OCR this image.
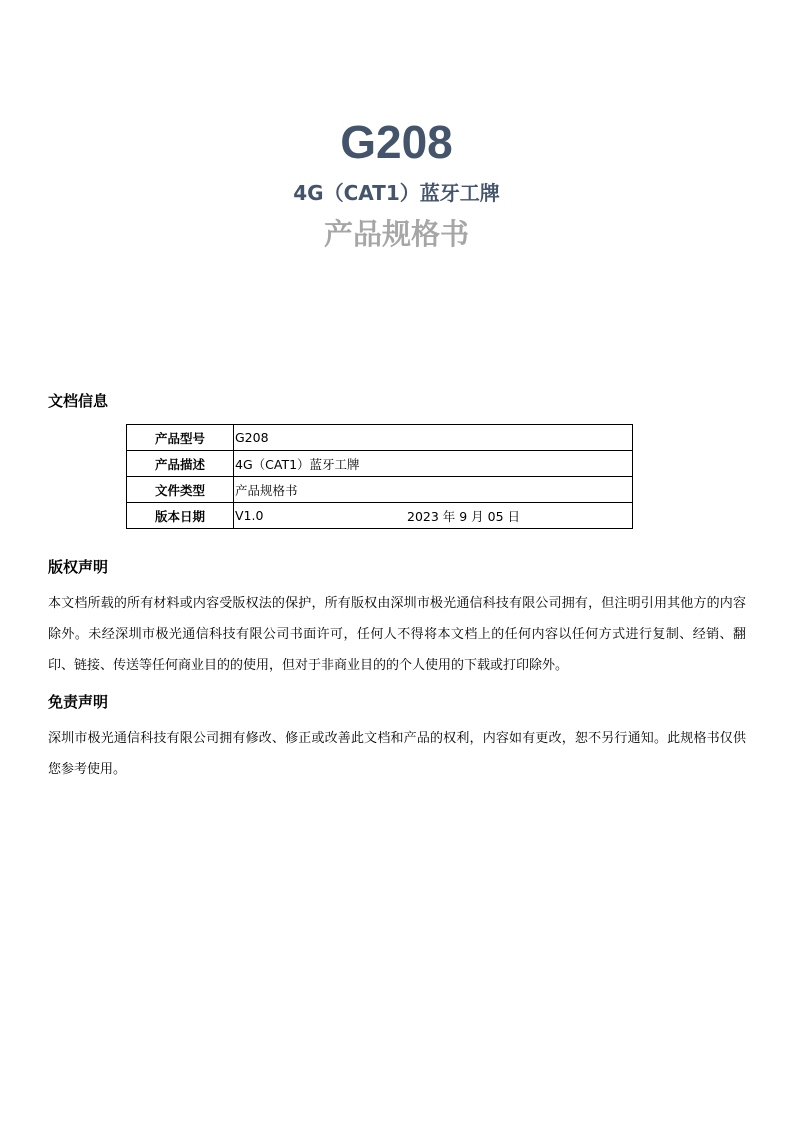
G208
4G（CAT1）蓝牙工牌
产品规格书
文档信息
产品型号	G208
产品描述	4G（CAT1）蓝牙工牌
文件类型	产品规格书
版本日期	V1.0 2023 年 9 月 05 日
版权声明

本文档所载的所有材料或内容受版权法的保护，所有版权由深圳市极光通信科技有限公司拥有，但注明引用其他方的内容除外。未经深圳市极光通信科技有限公司书面许可，任何人不得将本文档上的任何内容以任何方式进行复制、经销、翻印、链接、传送等任何商业目的的使用，但对于非商业目的的个人使用的下载或打印除外。

免责声明

深圳市极光通信科技有限公司拥有修改、修正或改善此文档和产品的权利，内容如有更改，恕不另行通知。此规格书仅供您参考使用。
